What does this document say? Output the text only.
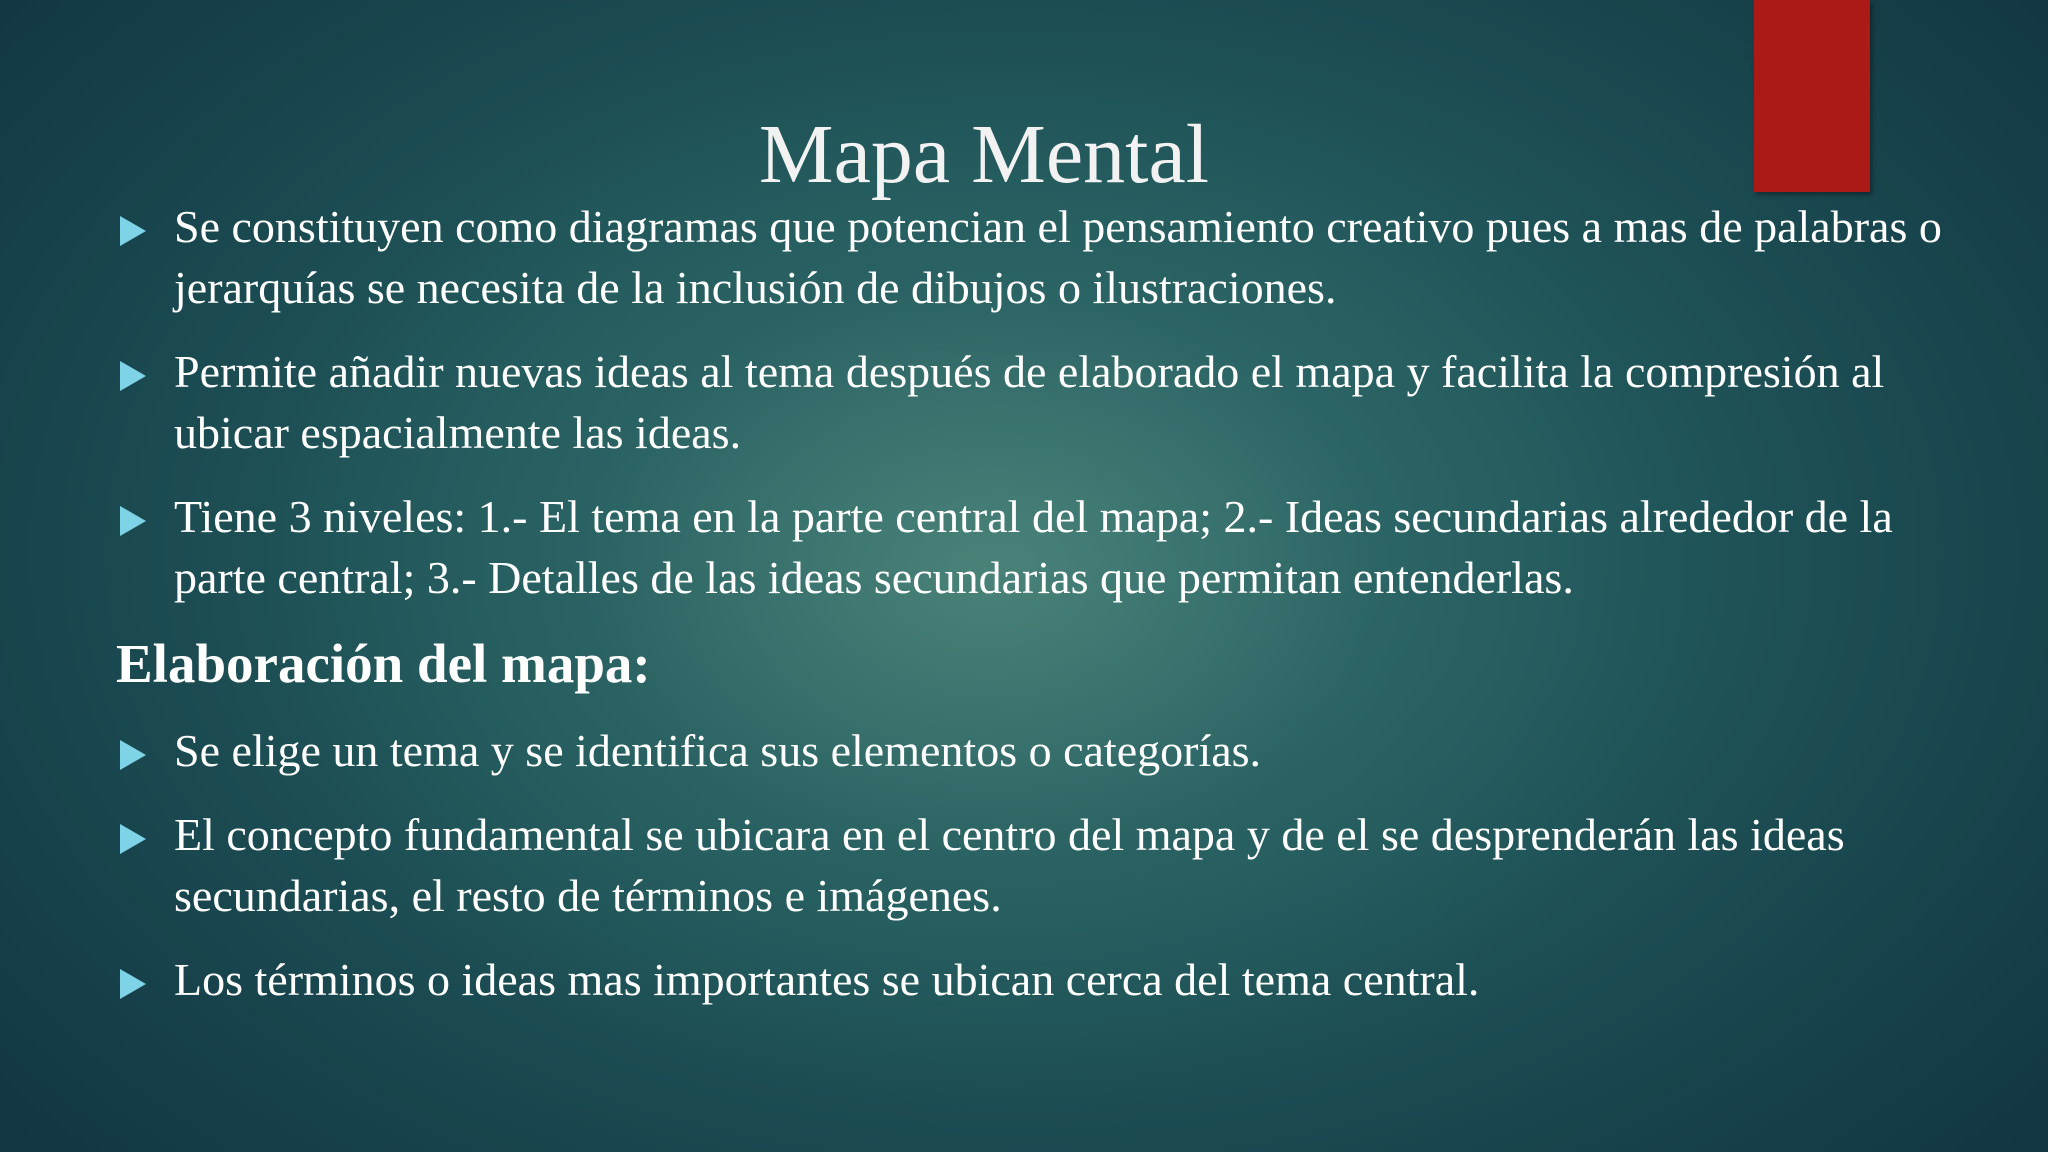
Mapa Mental
Se constituyen como diagramas que potencian el pensamiento creativo pues a mas de palabras o jerarquías se necesita de la inclusión de dibujos o ilustraciones.
Permite añadir nuevas ideas al tema después de elaborado el mapa y facilita la compresión al ubicar espacialmente las ideas.
Tiene 3 niveles: 1.- El tema en la parte central del mapa; 2.- Ideas secundarias alrededor de la parte central; 3.- Detalles de las ideas secundarias que permitan entenderlas.
Elaboración del mapa:
Se elige un tema y se identifica sus elementos o categorías.
El concepto fundamental se ubicara en el centro del mapa y de el se desprenderán las ideas secundarias, el resto de términos e imágenes.
Los términos o ideas mas importantes se ubican cerca del tema central.
